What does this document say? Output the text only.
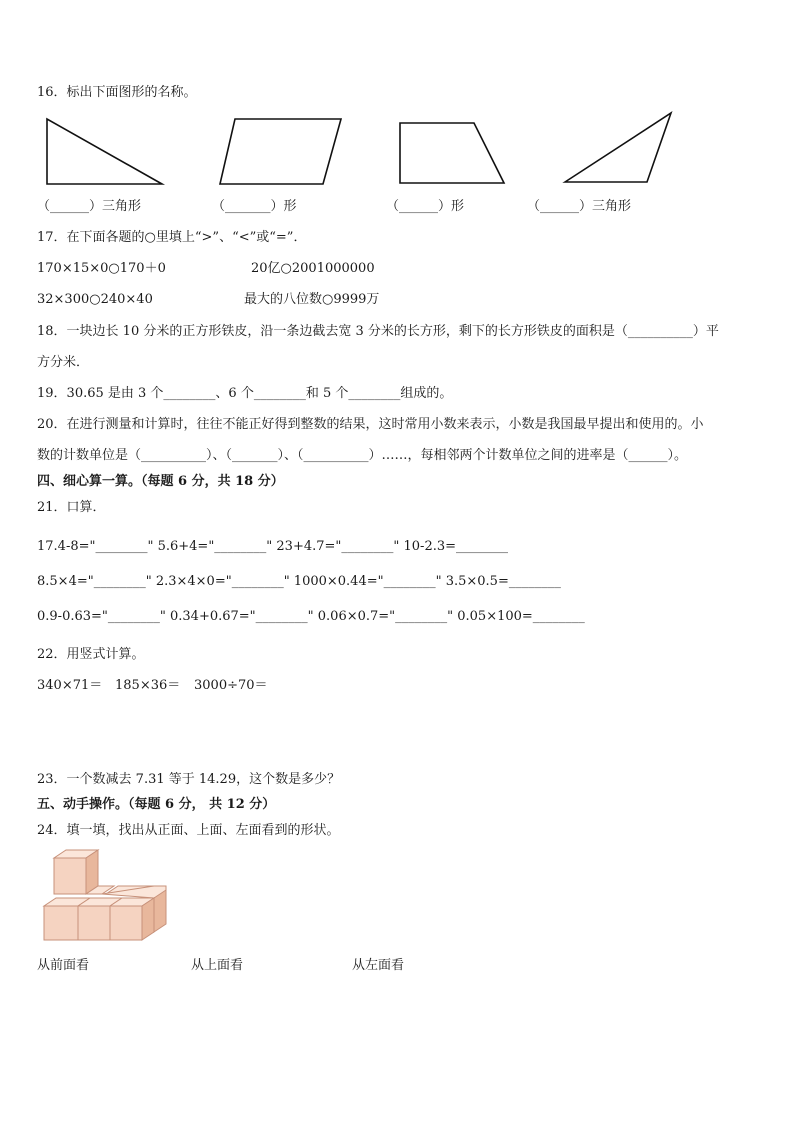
16．标出下面图形的名称。
（______）三角形	（_______）形	（______）形	（______）三角形
17．在下面各题的○里填上“>”、“<”或“=”．
170×15×0○170＋0	20亿○2001000000
32×300○240×40	最大的八位数○9999万
18．一块边长 10 分米的正方形铁皮，沿一条边截去宽 3 分米的长方形，剩下的长方形铁皮的面积是（__________）平
方分米．
19．30.65 是由 3 个________、6 个________和 5 个________组成的。
20．在进行测量和计算时，往往不能正好得到整数的结果，这时常用小数来表示，小数是我国最早提出和使用的。小
数的计数单位是（__________）、（_______）、（__________）……，每相邻两个计数单位之间的进率是（______）。
四、细心算一算。（每题 6 分，共 18 分）
21．口算．
17.4-8="________" 5.6+4="________" 23+4.7="________" 10-2.3=________
8.5×4="________" 2.3×4×0="________" 1000×0.44="________" 3.5×0.5=________
0.9-0.63="________" 0.34+0.67="________" 0.06×0.7="________" 0.05×100=________
22．用竖式计算。
340×71＝ 185×36＝ 3000÷70＝
23．一个数减去 7.31 等于 14.29，这个数是多少？
五、动手操作。（每题 6 分， 共 12 分）
24．填一填，找出从正面、上面、左面看到的形状。
从前面看	从上面看	从左面看
